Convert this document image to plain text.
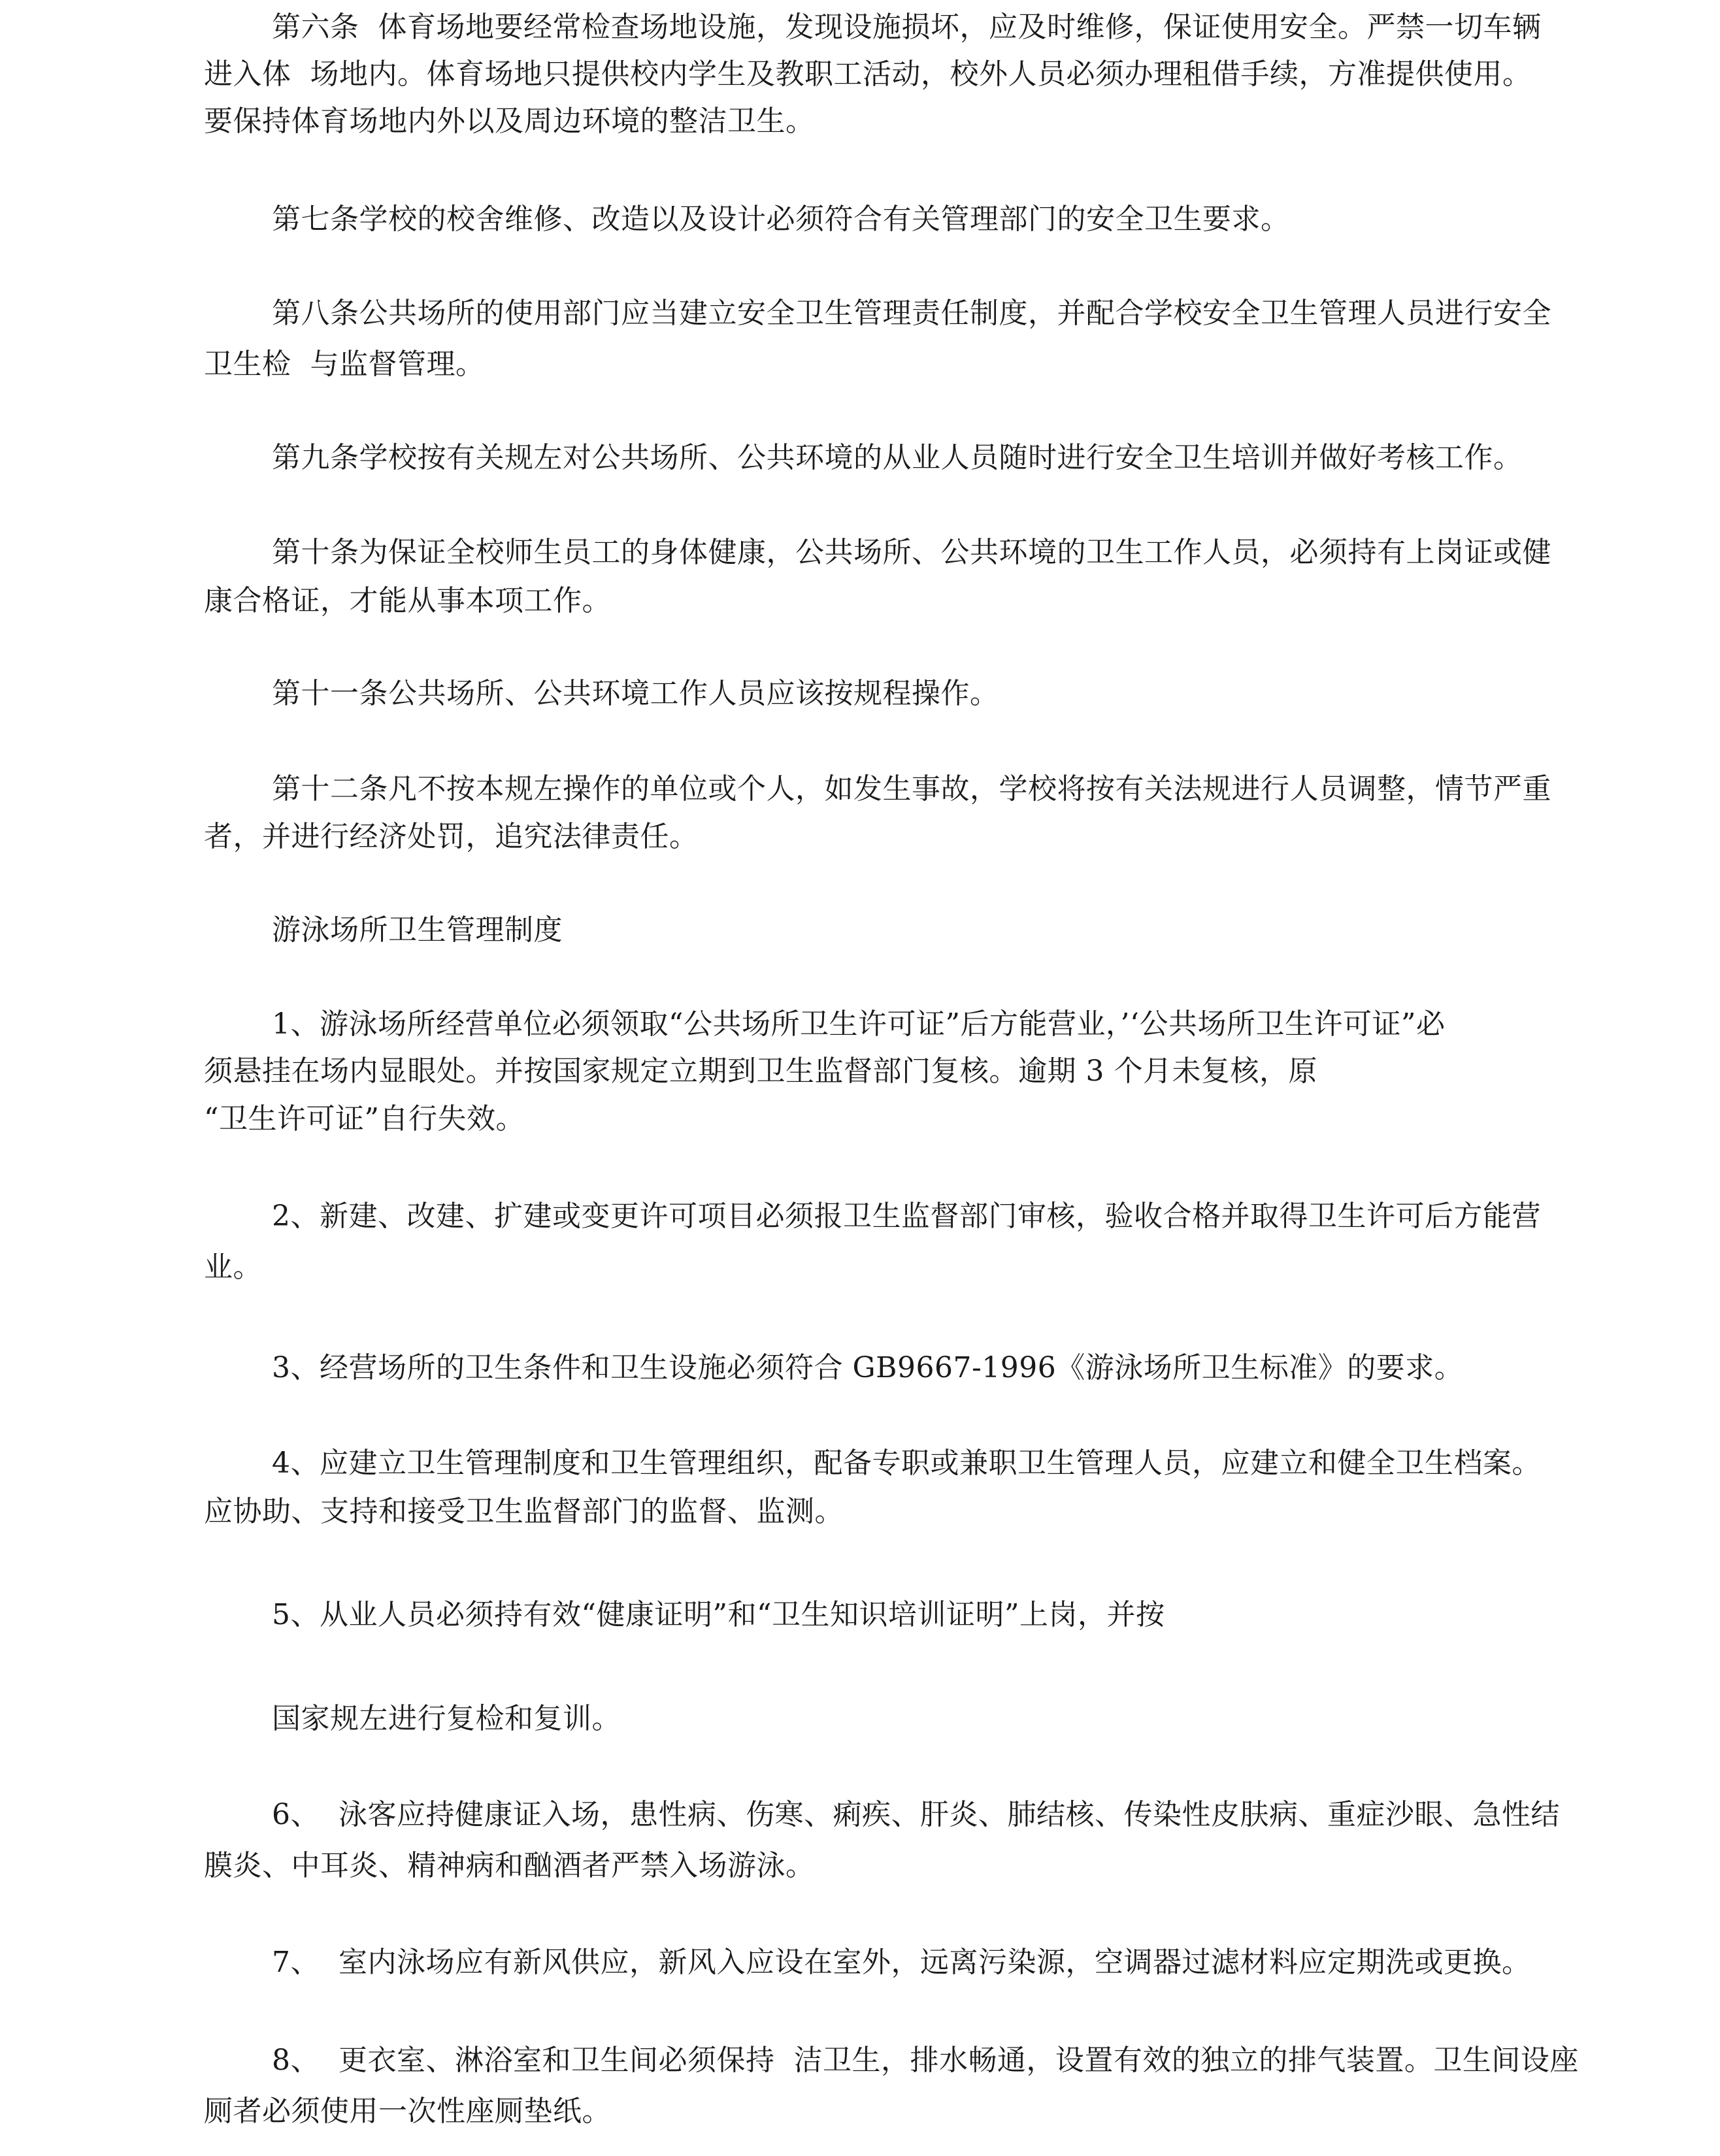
第六条  体育场地要经常检查场地设施，发现设施损坏，应及时维修，保证使用安全。严禁一切车辆
进入体  场地内。体育场地只提供校内学生及教职工活动，校外人员必须办理租借手续，方准提供使用。
要保持体育场地内外以及周边环境的整洁卫生。
第七条学校的校舍维修、改造以及设计必须符合有关管理部门的安全卫生要求。
第八条公共场所的使用部门应当建立安全卫生管理责任制度，并配合学校安全卫生管理人员进行安全
卫生检  与监督管理。
第九条学校按有关规左对公共场所、公共环境的从业人员随时进行安全卫生培训并做好考核工作。
第十条为保证全校师生员工的身体健康，公共场所、公共环境的卫生工作人员，必须持有上岗证或健
康合格证，才能从事本项工作。
第十一条公共场所、公共环境工作人员应该按规程操作。
第十二条凡不按本规左操作的单位或个人，如发生事故，学校将按有关法规进行人员调整，情节严重
者，并进行经济处罚，追究法律责任。
游泳场所卫生管理制度
1、游泳场所经营单位必须领取“公共场所卫生许可证”后方能营业，’‘公共场所卫生许可证”必
须悬挂在场内显眼处。并按国家规定立期到卫生监督部门复核。逾期 3 个月未复核，原
“卫生许可证”自行失效。
2、新建、改建、扩建或变更许可项目必须报卫生监督部门审核，验收合格并取得卫生许可后方能营
业。
3、经营场所的卫生条件和卫生设施必须符合 GB9667-1996《游泳场所卫生标准》的要求。
4、应建立卫生管理制度和卫生管理组织，配备专职或兼职卫生管理人员，应建立和健全卫生档案。
应协助、支持和接受卫生监督部门的监督、监测。
5、从业人员必须持有效“健康证明”和“卫生知识培训证明”上岗，并按
国家规左进行复检和复训。
6、  泳客应持健康证入场，患性病、伤寒、痢疾、肝炎、肺结核、传染性皮肤病、重症沙眼、急性结
膜炎、中耳炎、精神病和酗酒者严禁入场游泳。
7、  室内泳场应有新风供应，新风入应设在室外，远离污染源，空调器过滤材料应定期洗或更换。
8、  更衣室、淋浴室和卫生间必须保持  洁卫生，排水畅通，设置有效的独立的排气装置。卫生间设座
厕者必须使用一次性座厕垫纸。
